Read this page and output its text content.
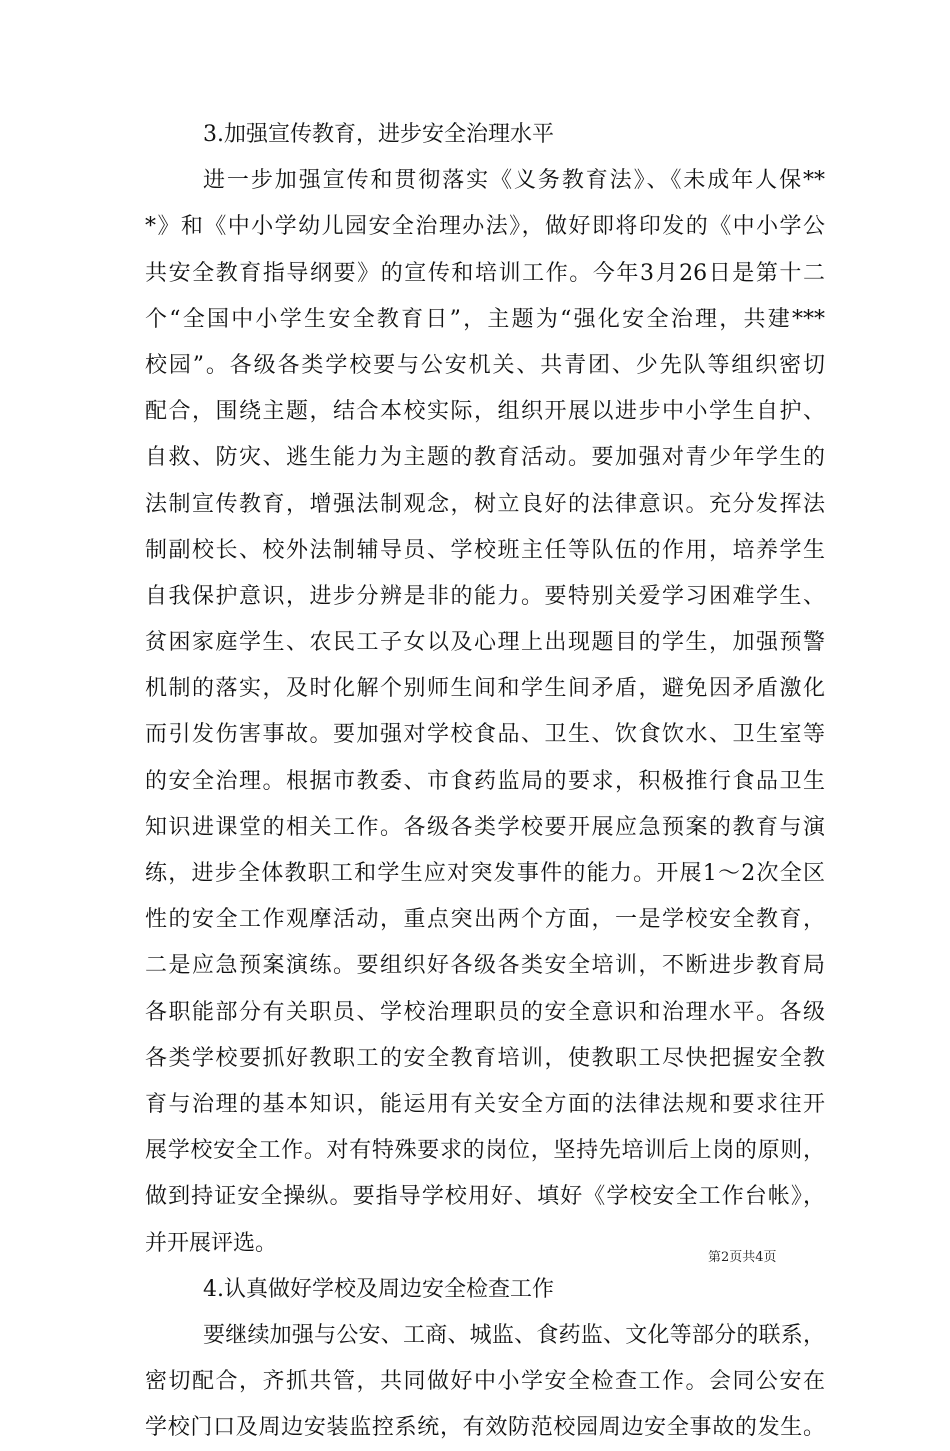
3.加强宣传教育，进步安全治理水平
进一步加强宣传和贯彻落实《义务教育法》、《未成年人保**
*》和《中小学幼儿园安全治理办法》，做好即将印发的《中小学公
共安全教育指导纲要》的宣传和培训工作。今年3月26日是第十二
个“全国中小学生安全教育日”，主题为“强化安全治理，共建***
校园”。各级各类学校要与公安机关、共青团、少先队等组织密切
配合，围绕主题，结合本校实际，组织开展以进步中小学生自护、
自救、防灾、逃生能力为主题的教育活动。要加强对青少年学生的
法制宣传教育，增强法制观念，树立良好的法律意识。充分发挥法
制副校长、校外法制辅导员、学校班主任等队伍的作用，培养学生
自我保护意识，进步分辨是非的能力。要特别关爱学习困难学生、
贫困家庭学生、农民工子女以及心理上出现题目的学生，加强预警
机制的落实，及时化解个别师生间和学生间矛盾，避免因矛盾激化
而引发伤害事故。要加强对学校食品、卫生、饮食饮水、卫生室等
的安全治理。根据市教委、市食药监局的要求，积极推行食品卫生
知识进课堂的相关工作。各级各类学校要开展应急预案的教育与演
练，进步全体教职工和学生应对突发事件的能力。开展1～2次全区
性的安全工作观摩活动，重点突出两个方面，一是学校安全教育，
二是应急预案演练。要组织好各级各类安全培训，不断进步教育局
各职能部分有关职员、学校治理职员的安全意识和治理水平。各级
各类学校要抓好教职工的安全教育培训，使教职工尽快把握安全教
育与治理的基本知识，能运用有关安全方面的法律法规和要求往开
展学校安全工作。对有特殊要求的岗位，坚持先培训后上岗的原则，
做到持证安全操纵。要指导学校用好、填好《学校安全工作台帐》，
并开展评选。
4.认真做好学校及周边安全检查工作
要继续加强与公安、工商、城监、食药监、文化等部分的联系，
密切配合，齐抓共管，共同做好中小学安全检查工作。会同公安在
学校门口及周边安装监控系统，有效防范校园周边安全事故的发生。
第2页共4页
